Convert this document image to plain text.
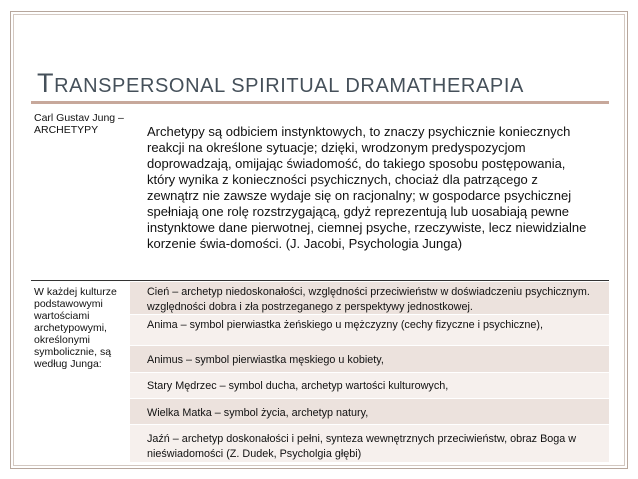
TRANSPERSONAL SPIRITUAL DRAMATHERAPIA
Carl Gustav Jung –
ARCHETYPY	Archetypy są odbiciem instynktowych, to znaczy psychicznie koniecznych reakcji na określone sytuacje; dzięki, wrodzonym predyspozycjom doprowadzają, omijając świadomość, do takiego sposobu postępowania, który wynika z konieczności psychicznych, chociaż dla patrzącego z zewnątrz nie zawsze wydaje się on racjonalny; w gospodarce psychicznej spełniają one rolę rozstrzygającą, gdyż reprezentują lub uosabiają pewne instynktowe dane pierwotnej, ciemnej psyche, rzeczywiste, lecz niewidzialne korzenie świa-domości. (J. Jacobi, Psychologia Junga)
W każdej kulturze podstawowymi wartościami archetypowymi, określonymi symbolicznie, są według Junga:
Cień – archetyp niedoskonałości, względności przeciwieństw w doświadczeniu psychicznym. względności dobra i zła postrzeganego z perspektywy jednostkowej.
Anima – symbol pierwiastka żeńskiego u mężczyzny (cechy fizyczne i psychiczne),
Animus – symbol pierwiastka męskiego u kobiety,
Stary Mędrzec – symbol ducha, archetyp wartości kulturowych,
Wielka Matka – symbol życia, archetyp natury,
Jaźń – archetyp doskonałości i pełni, synteza wewnętrznych przeciwieństw, obraz Boga w nieświadomości (Z. Dudek, Psycholgia głębi)
